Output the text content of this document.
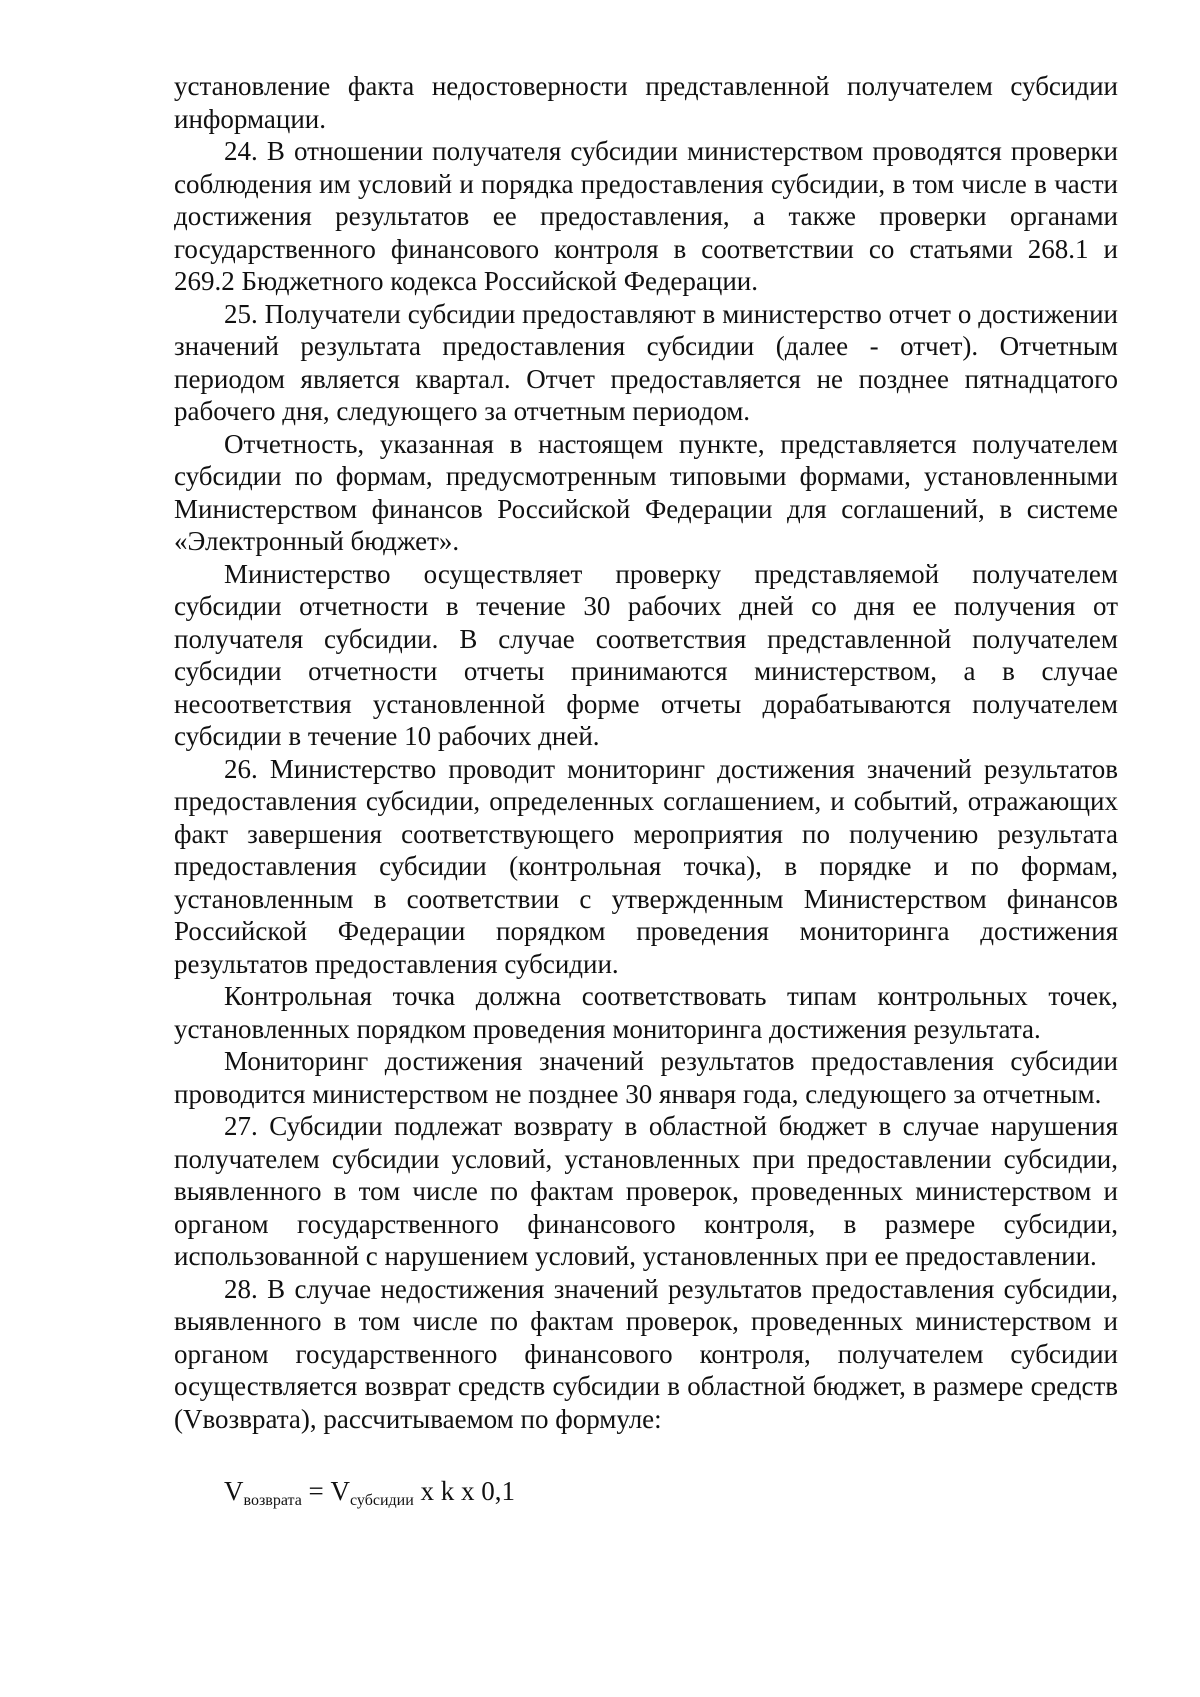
установление факта недостоверности представленной получателем субсидии информации.

24. В отношении получателя субсидии министерством проводятся проверки соблюдения им условий и порядка предоставления субсидии, в том числе в части достижения результатов ее предоставления, а также проверки органами государственного финансового контроля в соответствии со статьями 268.1 и 269.2 Бюджетного кодекса Российской Федерации.

25. Получатели субсидии предоставляют в министерство отчет о достижении значений результата предоставления субсидии (далее - отчет). Отчетным периодом является квартал. Отчет предоставляется не позднее пятнадцатого рабочего дня, следующего за отчетным периодом.

Отчетность, указанная в настоящем пункте, представляется получателем субсидии по формам, предусмотренным типовыми формами, установленными Министерством финансов Российской Федерации для соглашений, в системе «Электронный бюджет».

Министерство осуществляет проверку представляемой получателем субсидии отчетности в течение 30 рабочих дней со дня ее получения от получателя субсидии. В случае соответствия представленной получателем субсидии отчетности отчеты принимаются министерством, а в случае несоответствия установленной форме отчеты дорабатываются получателем субсидии в течение 10 рабочих дней.

26. Министерство проводит мониторинг достижения значений результатов предоставления субсидии, определенных соглашением, и событий, отражающих факт завершения соответствующего мероприятия по получению результата предоставления субсидии (контрольная точка), в порядке и по формам, установленным в соответствии с утвержденным Министерством финансов Российской Федерации порядком проведения мониторинга достижения результатов предоставления субсидии.

Контрольная точка должна соответствовать типам контрольных точек, установленных порядком проведения мониторинга достижения результата.

Мониторинг достижения значений результатов предоставления субсидии проводится министерством не позднее 30 января года, следующего за отчетным.

27. Субсидии подлежат возврату в областной бюджет в случае нарушения получателем субсидии условий, установленных при предоставлении субсидии, выявленного в том числе по фактам проверок, проведенных министерством и органом государственного финансового контроля, в размере субсидии, использованной с нарушением условий, установленных при ее предоставлении.

28. В случае недостижения значений результатов предоставления субсидии, выявленного в том числе по фактам проверок, проведенных министерством и органом государственного финансового контроля, получателем субсидии осуществляется возврат средств субсидии в областной бюджет, в размере средств (Vвозврата), рассчитываемом по формуле:

$V_{возврата} = V_{субсидии}$ x k x 0,1
